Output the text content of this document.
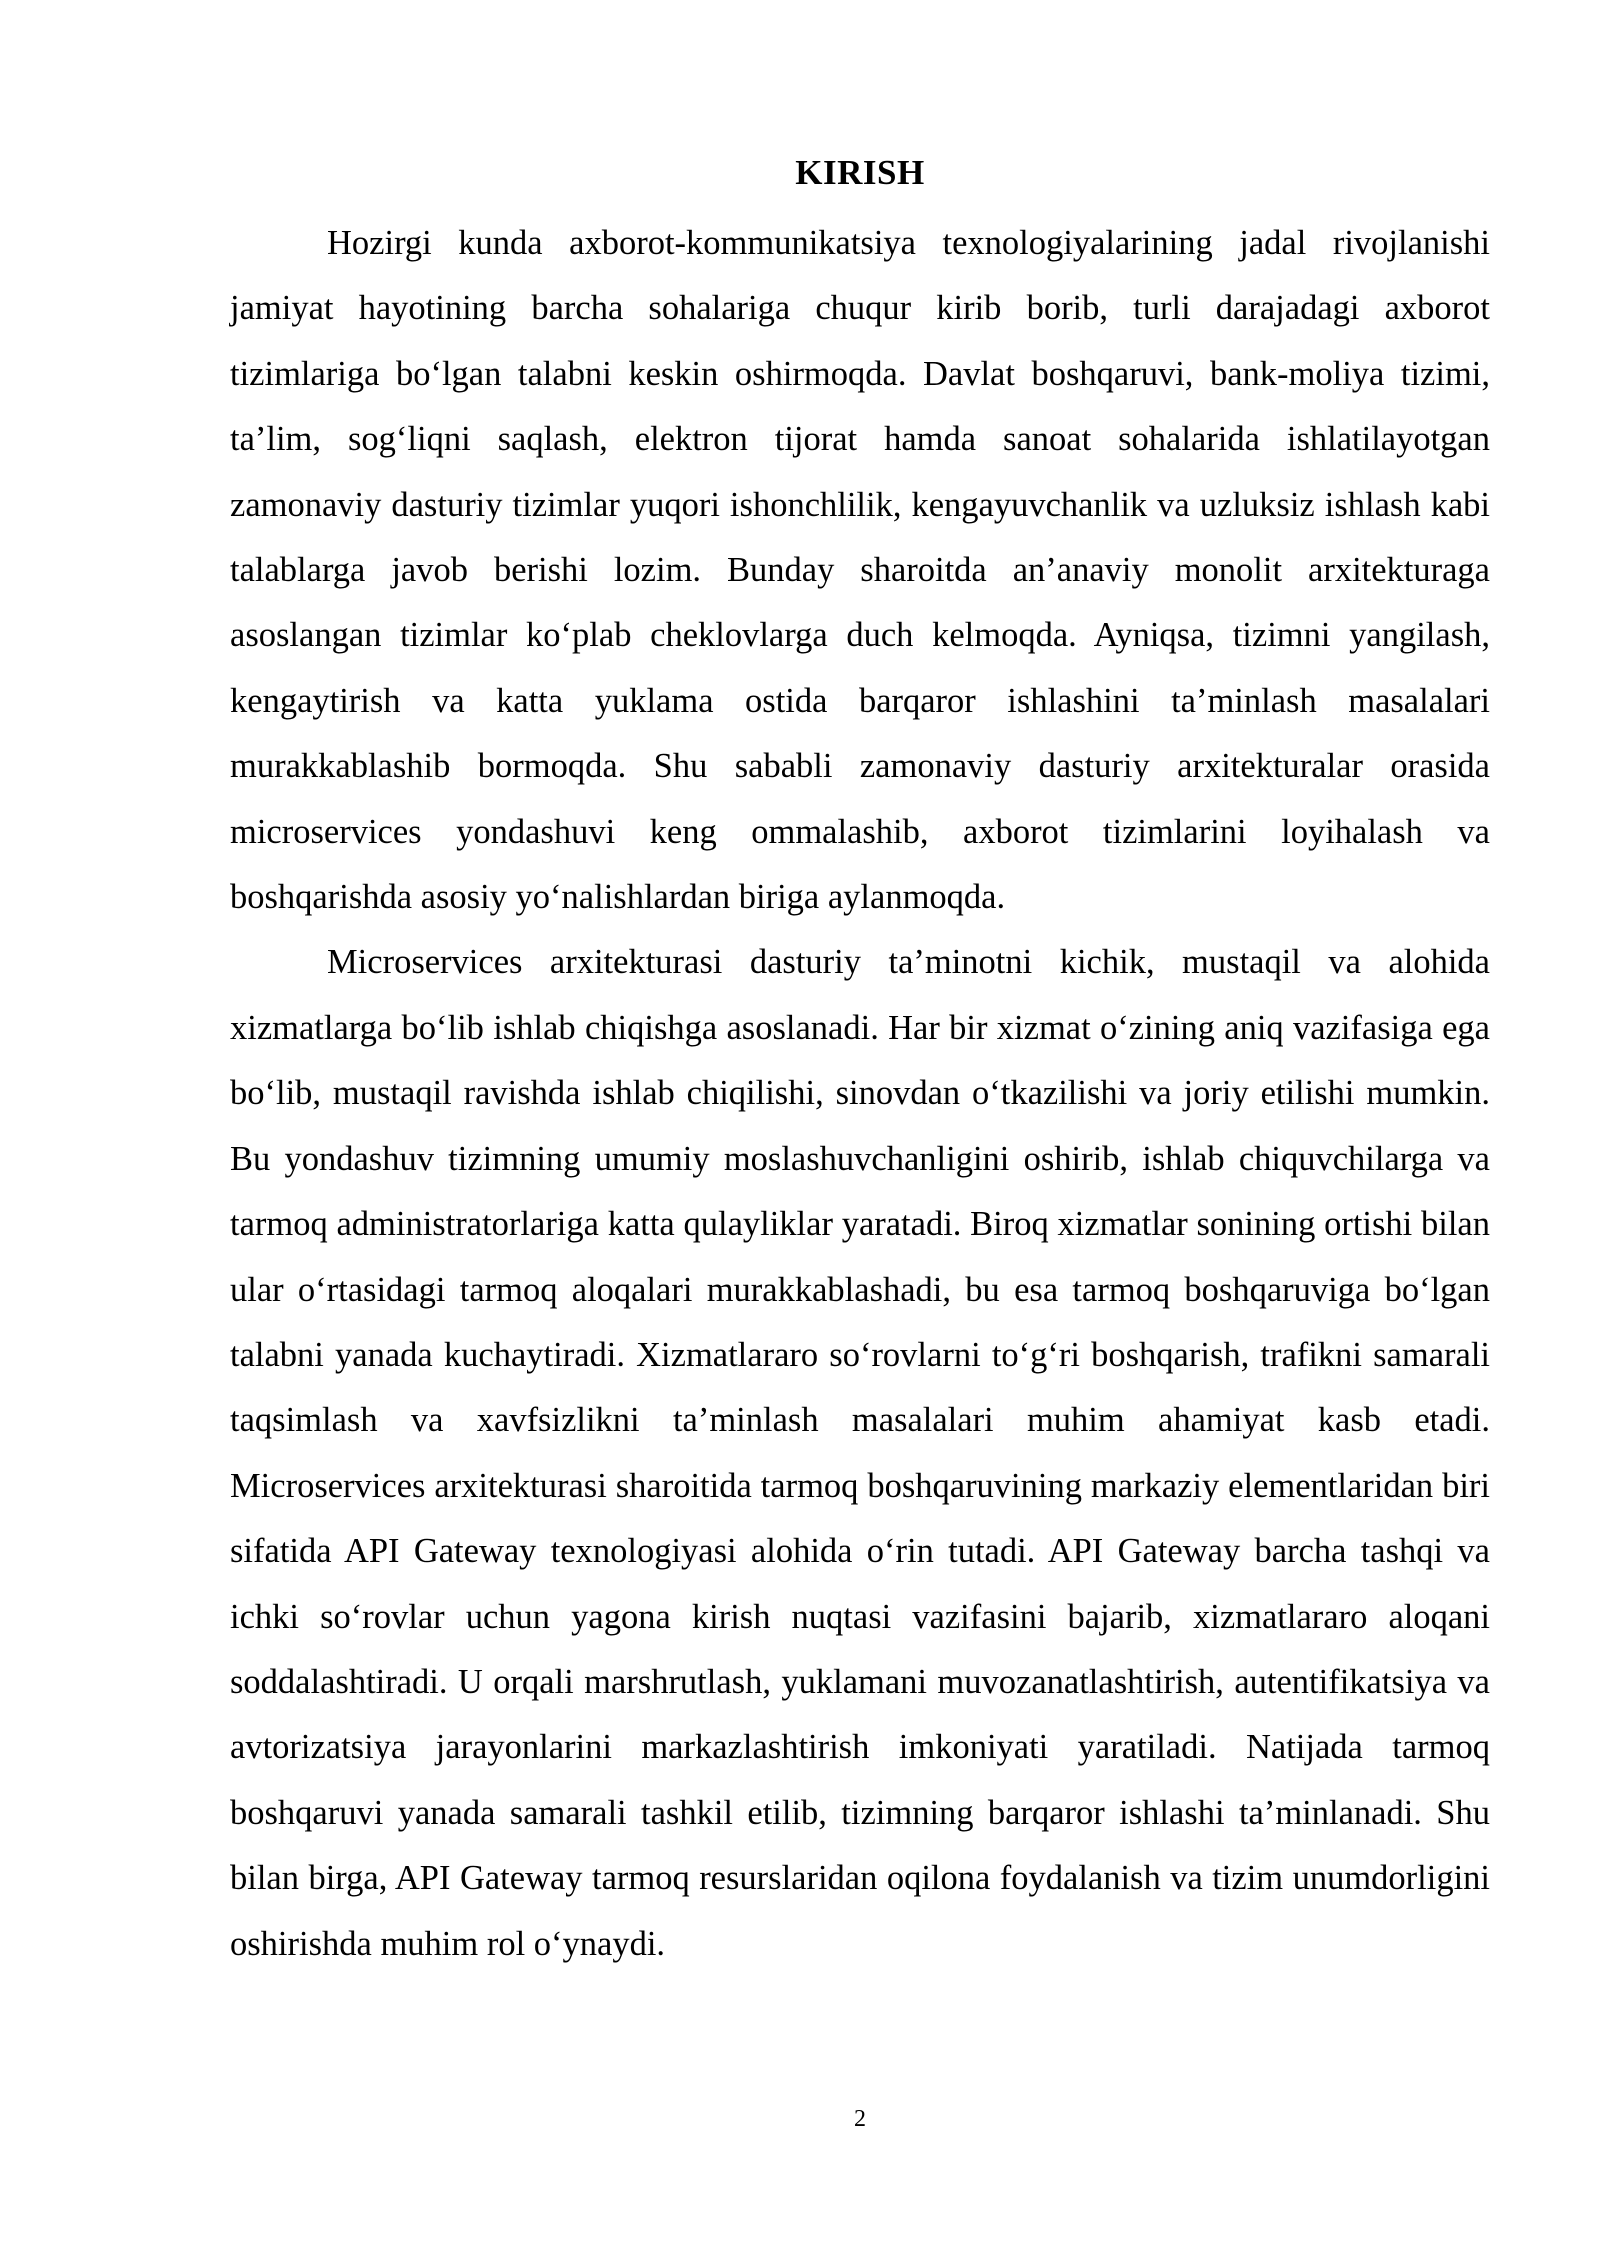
KIRISH

Hozirgi kunda axborot-kommunikatsiya texnologiyalarining jadal rivojlanishi jamiyat hayotining barcha sohalariga chuqur kirib borib, turli darajadagi axborot tizimlariga bo‘lgan talabni keskin oshirmoqda. Davlat boshqaruvi, bank-moliya tizimi, ta’lim, sog‘liqni saqlash, elektron tijorat hamda sanoat sohalarida ishlatilayotgan zamonaviy dasturiy tizimlar yuqori ishonchlilik, kengayuvchanlik va uzluksiz ishlash kabi talablarga javob berishi lozim. Bunday sharoitda an’anaviy monolit arxitekturaga asoslangan tizimlar ko‘plab cheklovlarga duch kelmoqda. Ayniqsa, tizimni yangilash, kengaytirish va katta yuklama ostida barqaror ishlashini ta’minlash masalalari murakkablashib bormoqda. Shu sababli zamonaviy dasturiy arxitekturalar orasida microservices yondashuvi keng ommalashib, axborot tizimlarini loyihalash va boshqarishda asosiy yo‘nalishlardan biriga aylanmoqda.

Microservices arxitekturasi dasturiy ta’minotni kichik, mustaqil va alohida xizmatlarga bo‘lib ishlab chiqishga asoslanadi. Har bir xizmat o‘zining aniq vazifasiga ega bo‘lib, mustaqil ravishda ishlab chiqilishi, sinovdan o‘tkazilishi va joriy etilishi mumkin. Bu yondashuv tizimning umumiy moslashuvchanligini oshirib, ishlab chiquvchilarga va tarmoq administratorlariga katta qulayliklar yaratadi. Biroq xizmatlar sonining ortishi bilan ular o‘rtasidagi tarmoq aloqalari murakkablashadi, bu esa tarmoq boshqaruviga bo‘lgan talabni yanada kuchaytiradi. Xizmatlararo so‘rovlarni to‘g‘ri boshqarish, trafikni samarali taqsimlash va xavfsizlikni ta’minlash masalalari muhim ahamiyat kasb etadi. Microservices arxitekturasi sharoitida tarmoq boshqaruvining markaziy elementlaridan biri sifatida API Gateway texnologiyasi alohida o‘rin tutadi. API Gateway barcha tashqi va ichki so‘rovlar uchun yagona kirish nuqtasi vazifasini bajarib, xizmatlararo aloqani soddalashtiradi. U orqali marshrutlash, yuklamani muvozanatlashtirish, autentifikatsiya va avtorizatsiya jarayonlarini markazlashtirish imkoniyati yaratiladi. Natijada tarmoq boshqaruvi yanada samarali tashkil etilib, tizimning barqaror ishlashi ta’minlanadi. Shu bilan birga, API Gateway tarmoq resurslaridan oqilona foydalanish va tizim unumdorligini oshirishda muhim rol o‘ynaydi.

2
